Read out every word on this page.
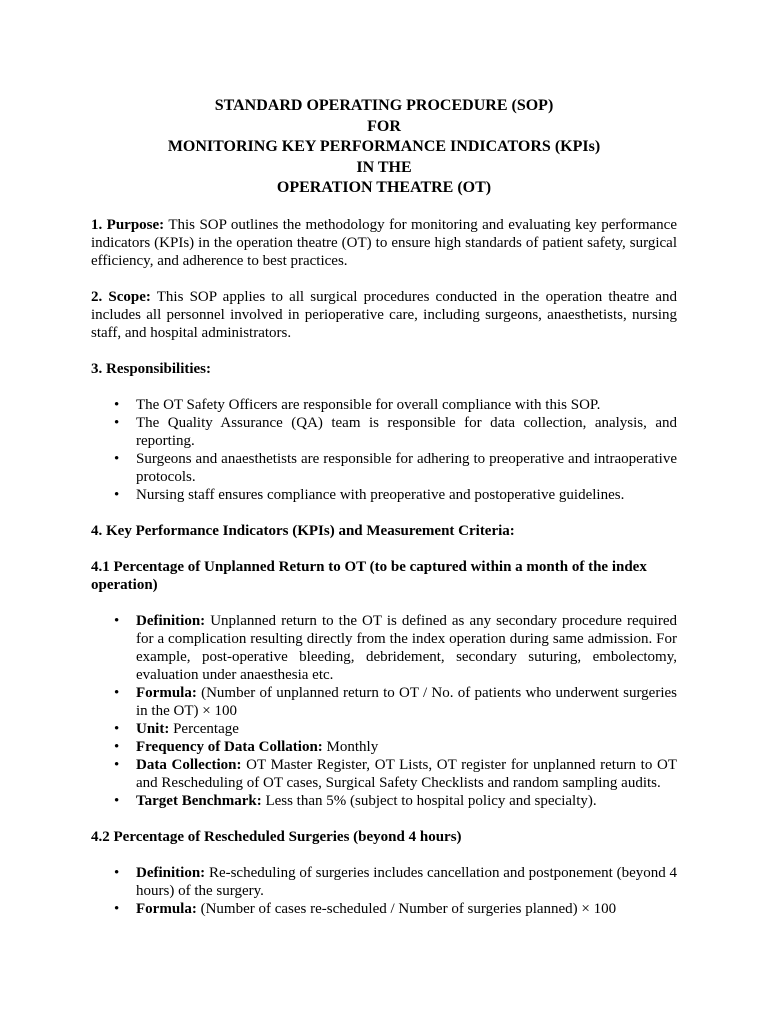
STANDARD OPERATING PROCEDURE (SOP)
FOR
MONITORING KEY PERFORMANCE INDICATORS (KPIs)
IN THE
OPERATION THEATRE (OT)

1. Purpose: This SOP outlines the methodology for monitoring and evaluating key performance indicators (KPIs) in the operation theatre (OT) to ensure high standards of patient safety, surgical efficiency, and adherence to best practices.

2. Scope: This SOP applies to all surgical procedures conducted in the operation theatre and includes all personnel involved in perioperative care, including surgeons, anaesthetists, nursing staff, and hospital administrators.

3. Responsibilities:
• The OT Safety Officers are responsible for overall compliance with this SOP.
• The Quality Assurance (QA) team is responsible for data collection, analysis, and reporting.
• Surgeons and anaesthetists are responsible for adhering to preoperative and intraoperative protocols.
• Nursing staff ensures compliance with preoperative and postoperative guidelines.
4. Key Performance Indicators (KPIs) and Measurement Criteria:
4.1 Percentage of Unplanned Return to OT (to be captured within a month of the index operation)
• Definition: Unplanned return to the OT is defined as any secondary procedure required for a complication resulting directly from the index operation during same admission. For example, post-operative bleeding, debridement, secondary suturing, embolectomy, evaluation under anaesthesia etc.
• Formula: (Number of unplanned return to OT / No. of patients who underwent surgeries in the OT) × 100
• Unit: Percentage
• Frequency of Data Collation: Monthly
• Data Collection: OT Master Register, OT Lists, OT register for unplanned return to OT and Rescheduling of OT cases, Surgical Safety Checklists and random sampling audits.
• Target Benchmark: Less than 5% (subject to hospital policy and specialty).
4.2 Percentage of Rescheduled Surgeries (beyond 4 hours)
• Definition: Re-scheduling of surgeries includes cancellation and postponement (beyond 4 hours) of the surgery.
• Formula: (Number of cases re-scheduled / Number of surgeries planned) × 100
